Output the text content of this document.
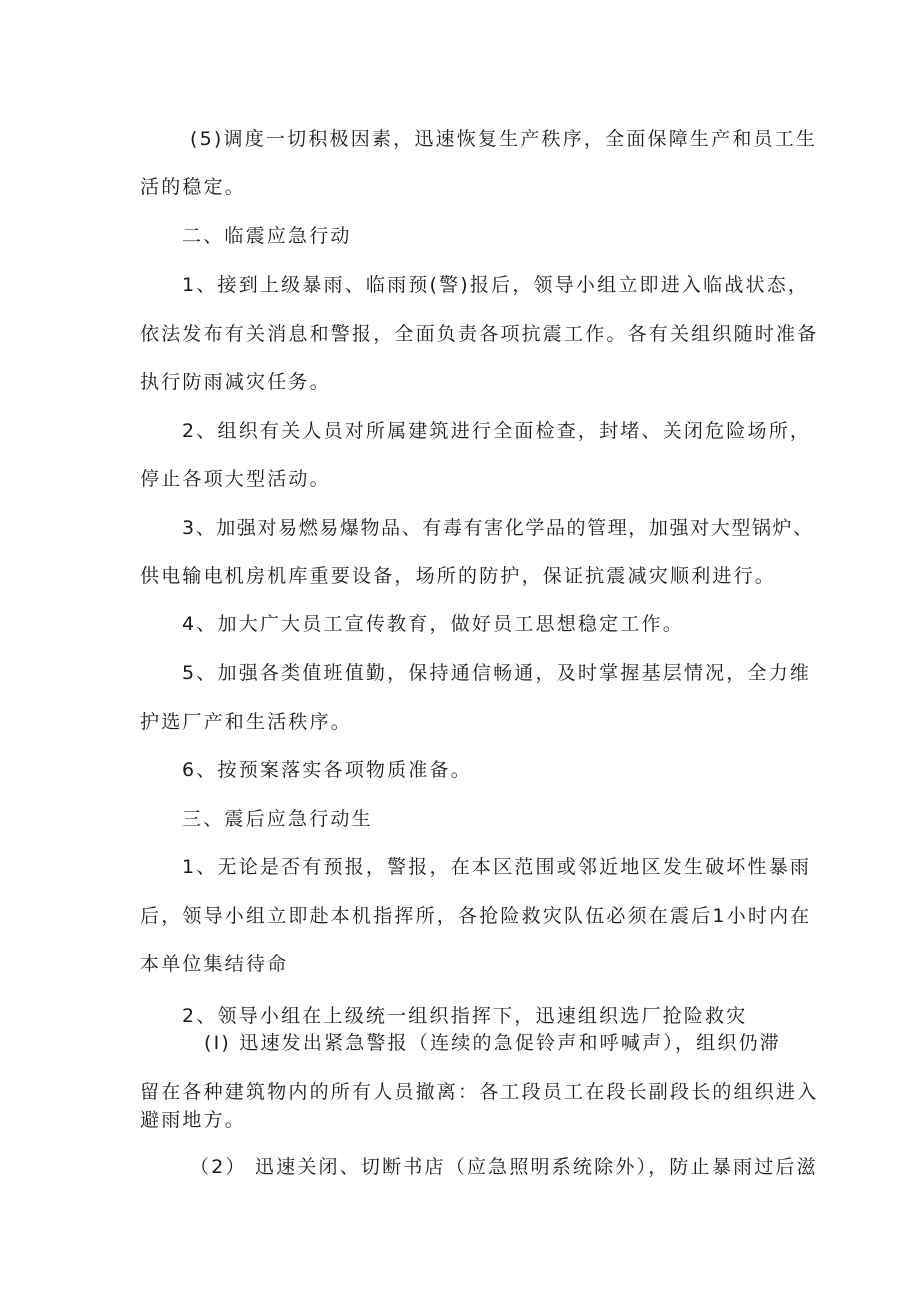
(5)调度一切积极因素，迅速恢复生产秩序，全面保障生产和员工生
活的稳定。
二、临震应急行动
1、接到上级暴雨、临雨预(警)报后，领导小组立即进入临战状态，
依法发布有关消息和警报，全面负责各项抗震工作。各有关组织随时准备
执行防雨减灾任务。
2、组织有关人员对所属建筑进行全面检查，封堵、关闭危险场所，
停止各项大型活动。
3、加强对易燃易爆物品、有毒有害化学品的管理，加强对大型锅炉、
供电输电机房机库重要设备，场所的防护，保证抗震减灾顺利进行。
4、加大广大员工宣传教育，做好员工思想稳定工作。
5、加强各类值班值勤，保持通信畅通，及时掌握基层情况，全力维
护选厂产和生活秩序。
6、按预案落实各项物质准备。
三、震后应急行动生
1、无论是否有预报，警报，在本区范围或邻近地区发生破坏性暴雨
后，领导小组立即赴本机指挥所，各抢险救灾队伍必须在震后1小时内在
本单位集结待命
2、领导小组在上级统一组织指挥下，迅速组织选厂抢险救灾
(I) 迅速发出紧急警报（连续的急促铃声和呼喊声），组织仍滞
留在各种建筑物内的所有人员撤离：各工段员工在段长副段长的组织进入
避雨地方。
（2） 迅速关闭、切断书店（应急照明系统除外），防止暴雨过后滋
